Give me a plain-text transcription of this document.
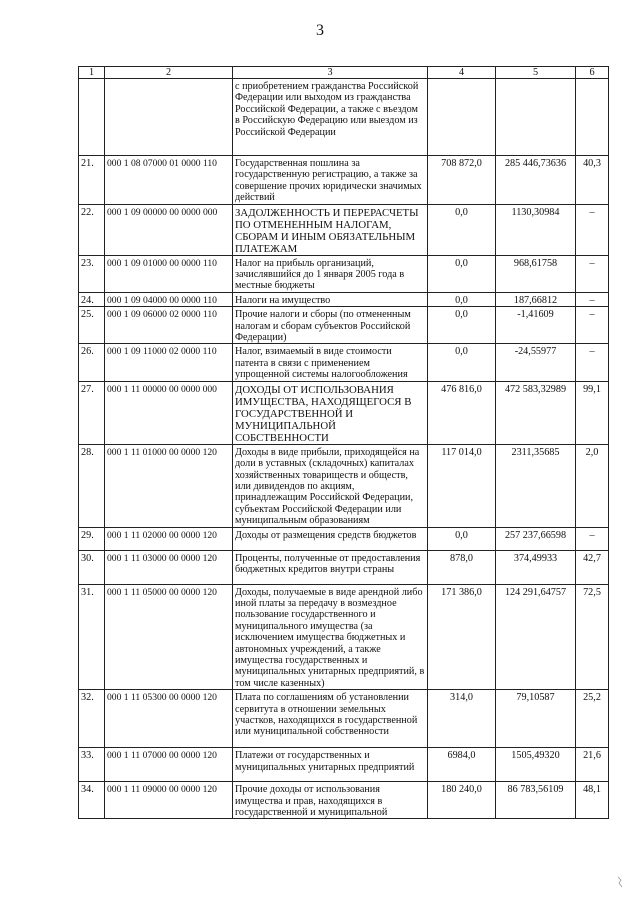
3
1	2	3	4	5	6
		с приобретением гражданства Российской Федерации или выходом из гражданства Российской Федерации, а также с въездом в Российскую Федерацию или выездом из Российской Федерации			
21.	000 1 08 07000 01 0000 110	Государственная пошлина за государственную регистрацию, а также за совершение прочих юридически значимых действий	708 872,0	285 446,73636	40,3
22.	000 1 09 00000 00 0000 000	ЗАДОЛЖЕННОСТЬ И ПЕРЕРАСЧЕТЫ ПО ОТМЕНЕННЫМ НАЛОГАМ, СБОРАМ И ИНЫМ ОБЯЗАТЕЛЬНЫМ ПЛАТЕЖАМ	0,0	1130,30984	–
23.	000 1 09 01000 00 0000 110	Налог на прибыль организаций, зачислявшийся до 1 января 2005 года в местные бюджеты	0,0	968,61758	–
24.	000 1 09 04000 00 0000 110	Налоги на имущество	0,0	187,66812	–
25.	000 1 09 06000 02 0000 110	Прочие налоги и сборы (по отмененным налогам и сборам субъектов Российской Федерации)	0,0	-1,41609	–
26.	000 1 09 11000 02 0000 110	Налог, взимаемый в виде стоимости патента в связи с применением упрощенной системы налогообложения	0,0	-24,55977	–
27.	000 1 11 00000 00 0000 000	ДОХОДЫ ОТ ИСПОЛЬЗОВАНИЯ ИМУЩЕСТВА, НАХОДЯЩЕГОСЯ В ГОСУДАРСТВЕННОЙ И МУНИЦИПАЛЬНОЙ СОБСТВЕННОСТИ	476 816,0	472 583,32989	99,1
28.	000 1 11 01000 00 0000 120	Доходы в виде прибыли, приходящейся на доли в уставных (складочных) капиталах хозяйственных товариществ и обществ, или дивидендов по акциям, принадлежащим Российской Федерации, субъектам Российской Федерации или муниципальным образованиям	117 014,0	2311,35685	2,0
29.	000 1 11 02000 00 0000 120	Доходы от размещения средств бюджетов	0,0	257 237,66598	–
30.	000 1 11 03000 00 0000 120	Проценты, полученные от предоставления бюджетных кредитов внутри страны	878,0	374,49933	42,7
31.	000 1 11 05000 00 0000 120	Доходы, получаемые в виде арендной либо иной платы за передачу в возмездное пользование государственного и муниципального имущества (за исключением имущества бюджетных и автономных учреждений, а также имущества государственных и муниципальных унитарных предприятий, в том числе казенных)	171 386,0	124 291,64757	72,5
32.	000 1 11 05300 00 0000 120	Плата по соглашениям об установлении сервитута в отношении земельных участков, находящихся в государственной или муниципальной собственности	314,0	79,10587	25,2
33.	000 1 11 07000 00 0000 120	Платежи от государственных и муниципальных унитарных предприятий	6984,0	1505,49320	21,6
34.	000 1 11 09000 00 0000 120	Прочие доходы от использования имущества и прав, находящихся в государственной и муниципальной	180 240,0	86 783,56109	48,1
